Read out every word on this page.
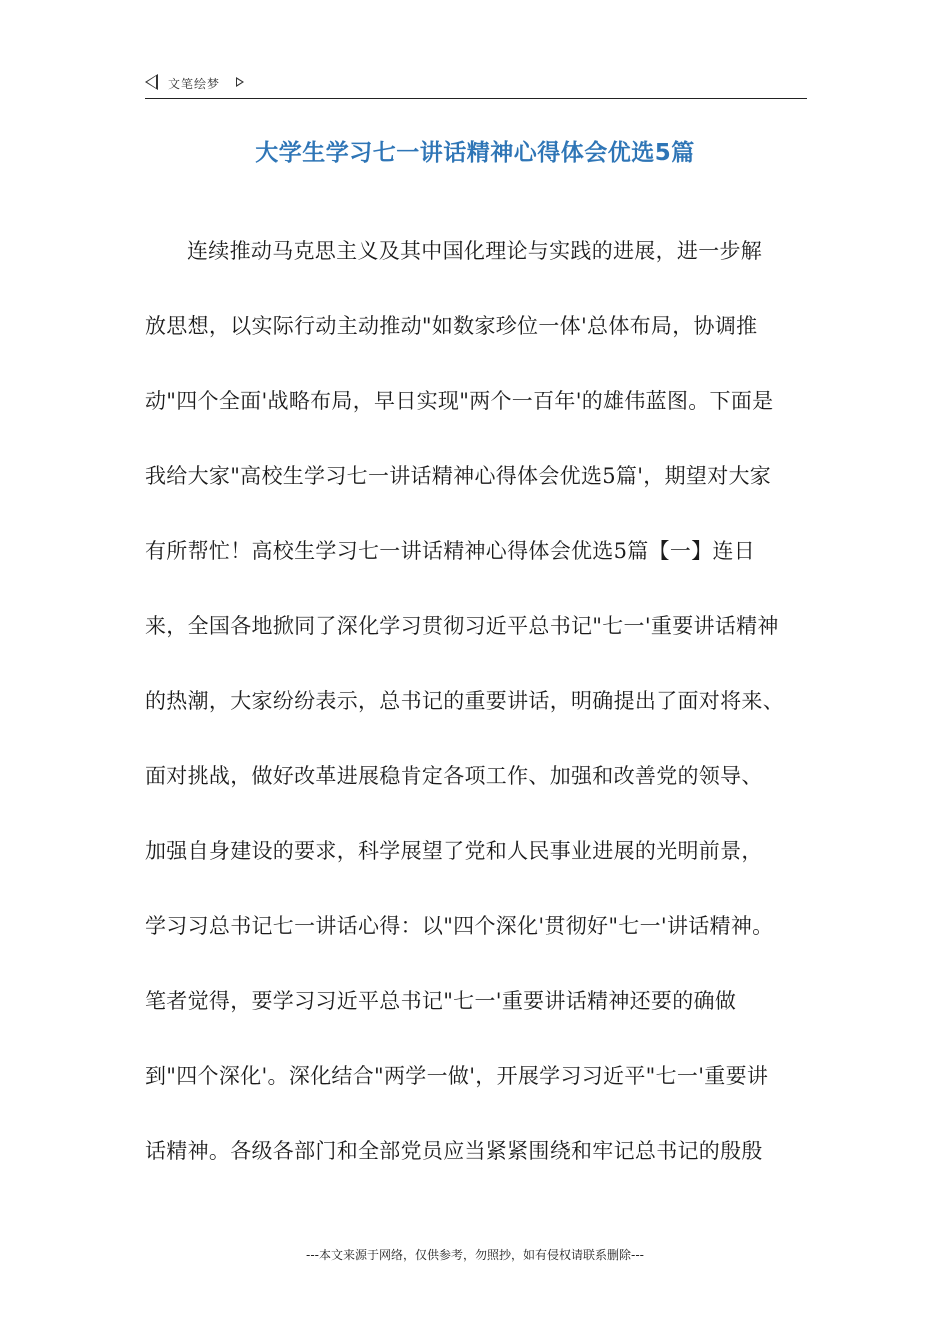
文笔绘梦
大学生学习七一讲话精神心得体会优选5篇
连续推动马克思主义及其中国化理论与实践的进展，进一步解
放思想，以实际行动主动推动"如数家珍位一体'总体布局，协调推
动"四个全面'战略布局，早日实现"两个一百年'的雄伟蓝图。下面是
我给大家"高校生学习七一讲话精神心得体会优选5篇'，期望对大家
有所帮忙！高校生学习七一讲话精神心得体会优选5篇【一】连日
来，全国各地掀同了深化学习贯彻习近平总书记"七一'重要讲话精神
的热潮，大家纷纷表示，总书记的重要讲话，明确提出了面对将来、
面对挑战，做好改革进展稳肯定各项工作、加强和改善党的领导、
加强自身建设的要求，科学展望了党和人民事业进展的光明前景，
学习习总书记七一讲话心得：以"四个深化'贯彻好"七一'讲话精神。
笔者觉得，要学习习近平总书记"七一'重要讲话精神还要的确做
到"四个深化'。深化结合"两学一做'，开展学习习近平"七一'重要讲
话精神。各级各部门和全部党员应当紧紧围绕和牢记总书记的殷殷
---本文来源于网络，仅供参考，勿照抄，如有侵权请联系删除---
